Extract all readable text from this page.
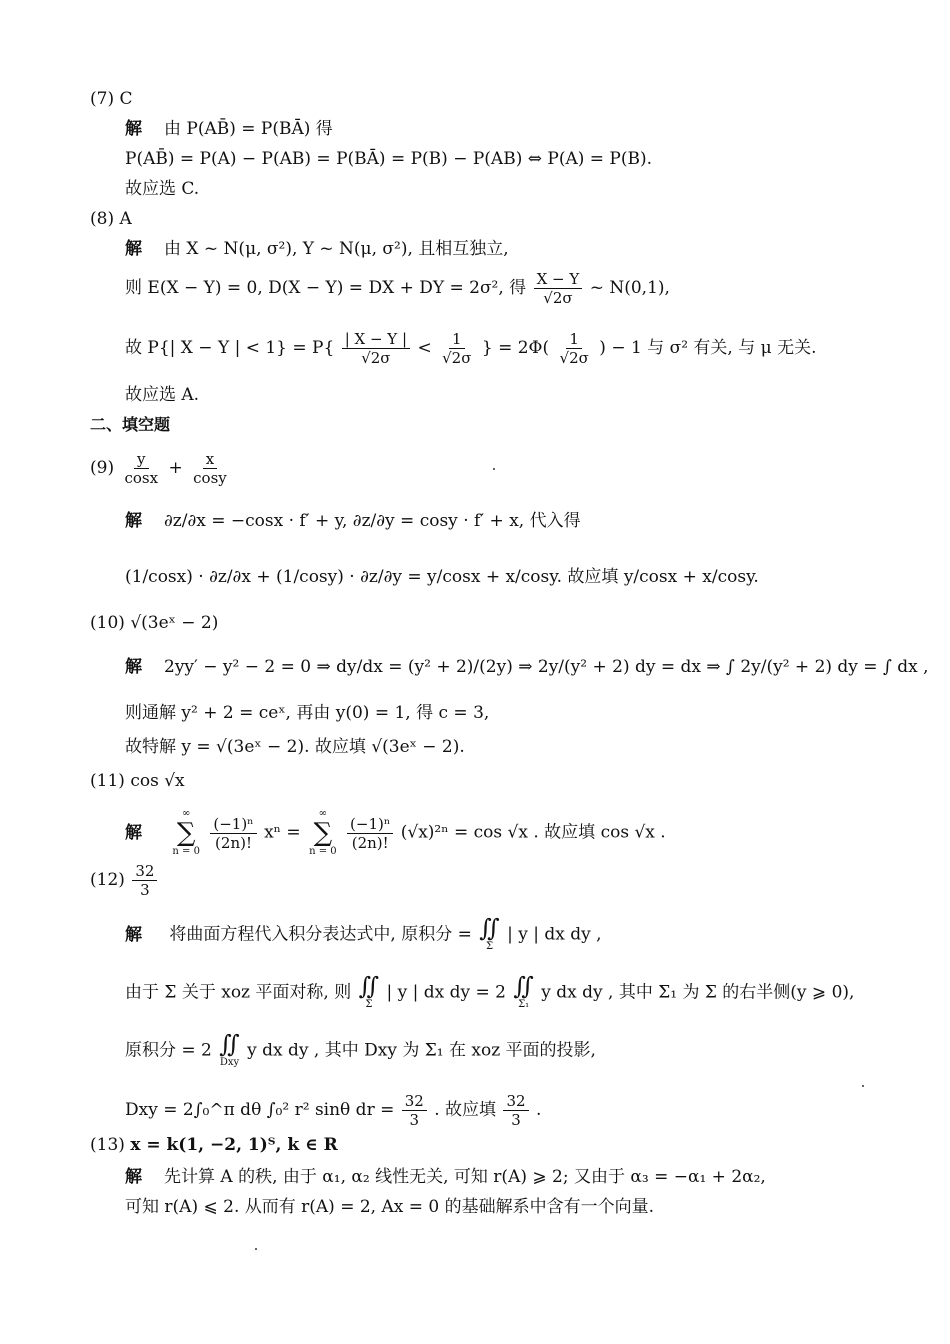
(7) C
解 由 P(AB̄) = P(BĀ) 得
P(AB̄) = P(A) − P(AB) = P(BĀ) = P(B) − P(AB) ⇔ P(A) = P(B).
故应选 C.
(8) A
解 由 X ~ N(μ, σ²), Y ~ N(μ, σ²), 且相互独立,
则 E(X − Y) = 0, D(X − Y) = DX + DY = 2σ², 得 $\frac{X - Y}{√2\sigma}$ ~ N(0,1),
故 P{| X − Y | < $1\} = P\{ \frac{| X - Y |}{√2\sigma} < \frac{1}{√2\sigma}$ } = $2\Phi( \frac{1}{√2\sigma}$ ) − 1 与 σ² 有关, 与 μ 无关.
故应选 A.
二、填空题
$(9) \frac{y}{\cos x} + \frac{x}{\cos y}$
解 ∂z/∂x = −cosx · f′ + y, ∂z/∂y = cosy · f′ + x, 代入得
(1/cosx) · ∂z/∂x + (1/cosy) · ∂z/∂y = y/cosx + x/cosy. 故应填 y/cosx + x/cosy.
(10) √(3eˣ − 2)
解 2yy′ − y² − 2 = 0 ⇒ dy/dx = (y² + 2)/(2y) ⇒ 2y/(y² + 2) dy = dx ⇒ ∫ 2y/(y² + 2) dy = ∫ dx ,
则通解 y² + 2 = ceˣ, 再由 y(0) = 1, 得 c = 3,
故特解 y = √(3eˣ − 2). 故应填 √(3eˣ − 2).
(11) cos √x
解
∞
∑
n = 0
$\frac{\text{(−1)ⁿ}}{(2n)!}$ xⁿ =
∞
∑
n = 0
$\frac{\text{(−1)ⁿ}}{(2n)!} (√x)^{2n} = \cos √x$ . 故应填 cos √x .
$(12) \frac{32}{3}$
解 将曲面方程代入积分表达式中, 原积分 = ∬
Σ
| y | dx dy ,
由于 Σ 关于 xoz 平面对称, 则 ∬
Σ
| y | dx dy = 2 ∬
Σ₁
y dx dy , 其中 Σ₁ 为 Σ 的右半侧(y ⩾ 0),
原积分 = 2 ∬
Dxy
y dx dy , 其中 Dxy 为 Σ₁ 在 xoz 平面的投影,
Dxy = 2∫₀^π dθ ∫₀² r² sinθ dr = $\frac{32}{3}$ . 故应填 $\frac{32}{3}$ .
(13) x = k(1, −2, 1)ᵀ, k ∈ R
解 先计算 A 的秩, 由于 α₁, α₂ 线性无关, 可知 r(A) ⩾ 2; 又由于 α₃ = −α₁ + 2α₂,
可知 r(A) ⩽ 2. 从而有 r(A) = 2, Ax = 0 的基础解系中含有一个向量.
